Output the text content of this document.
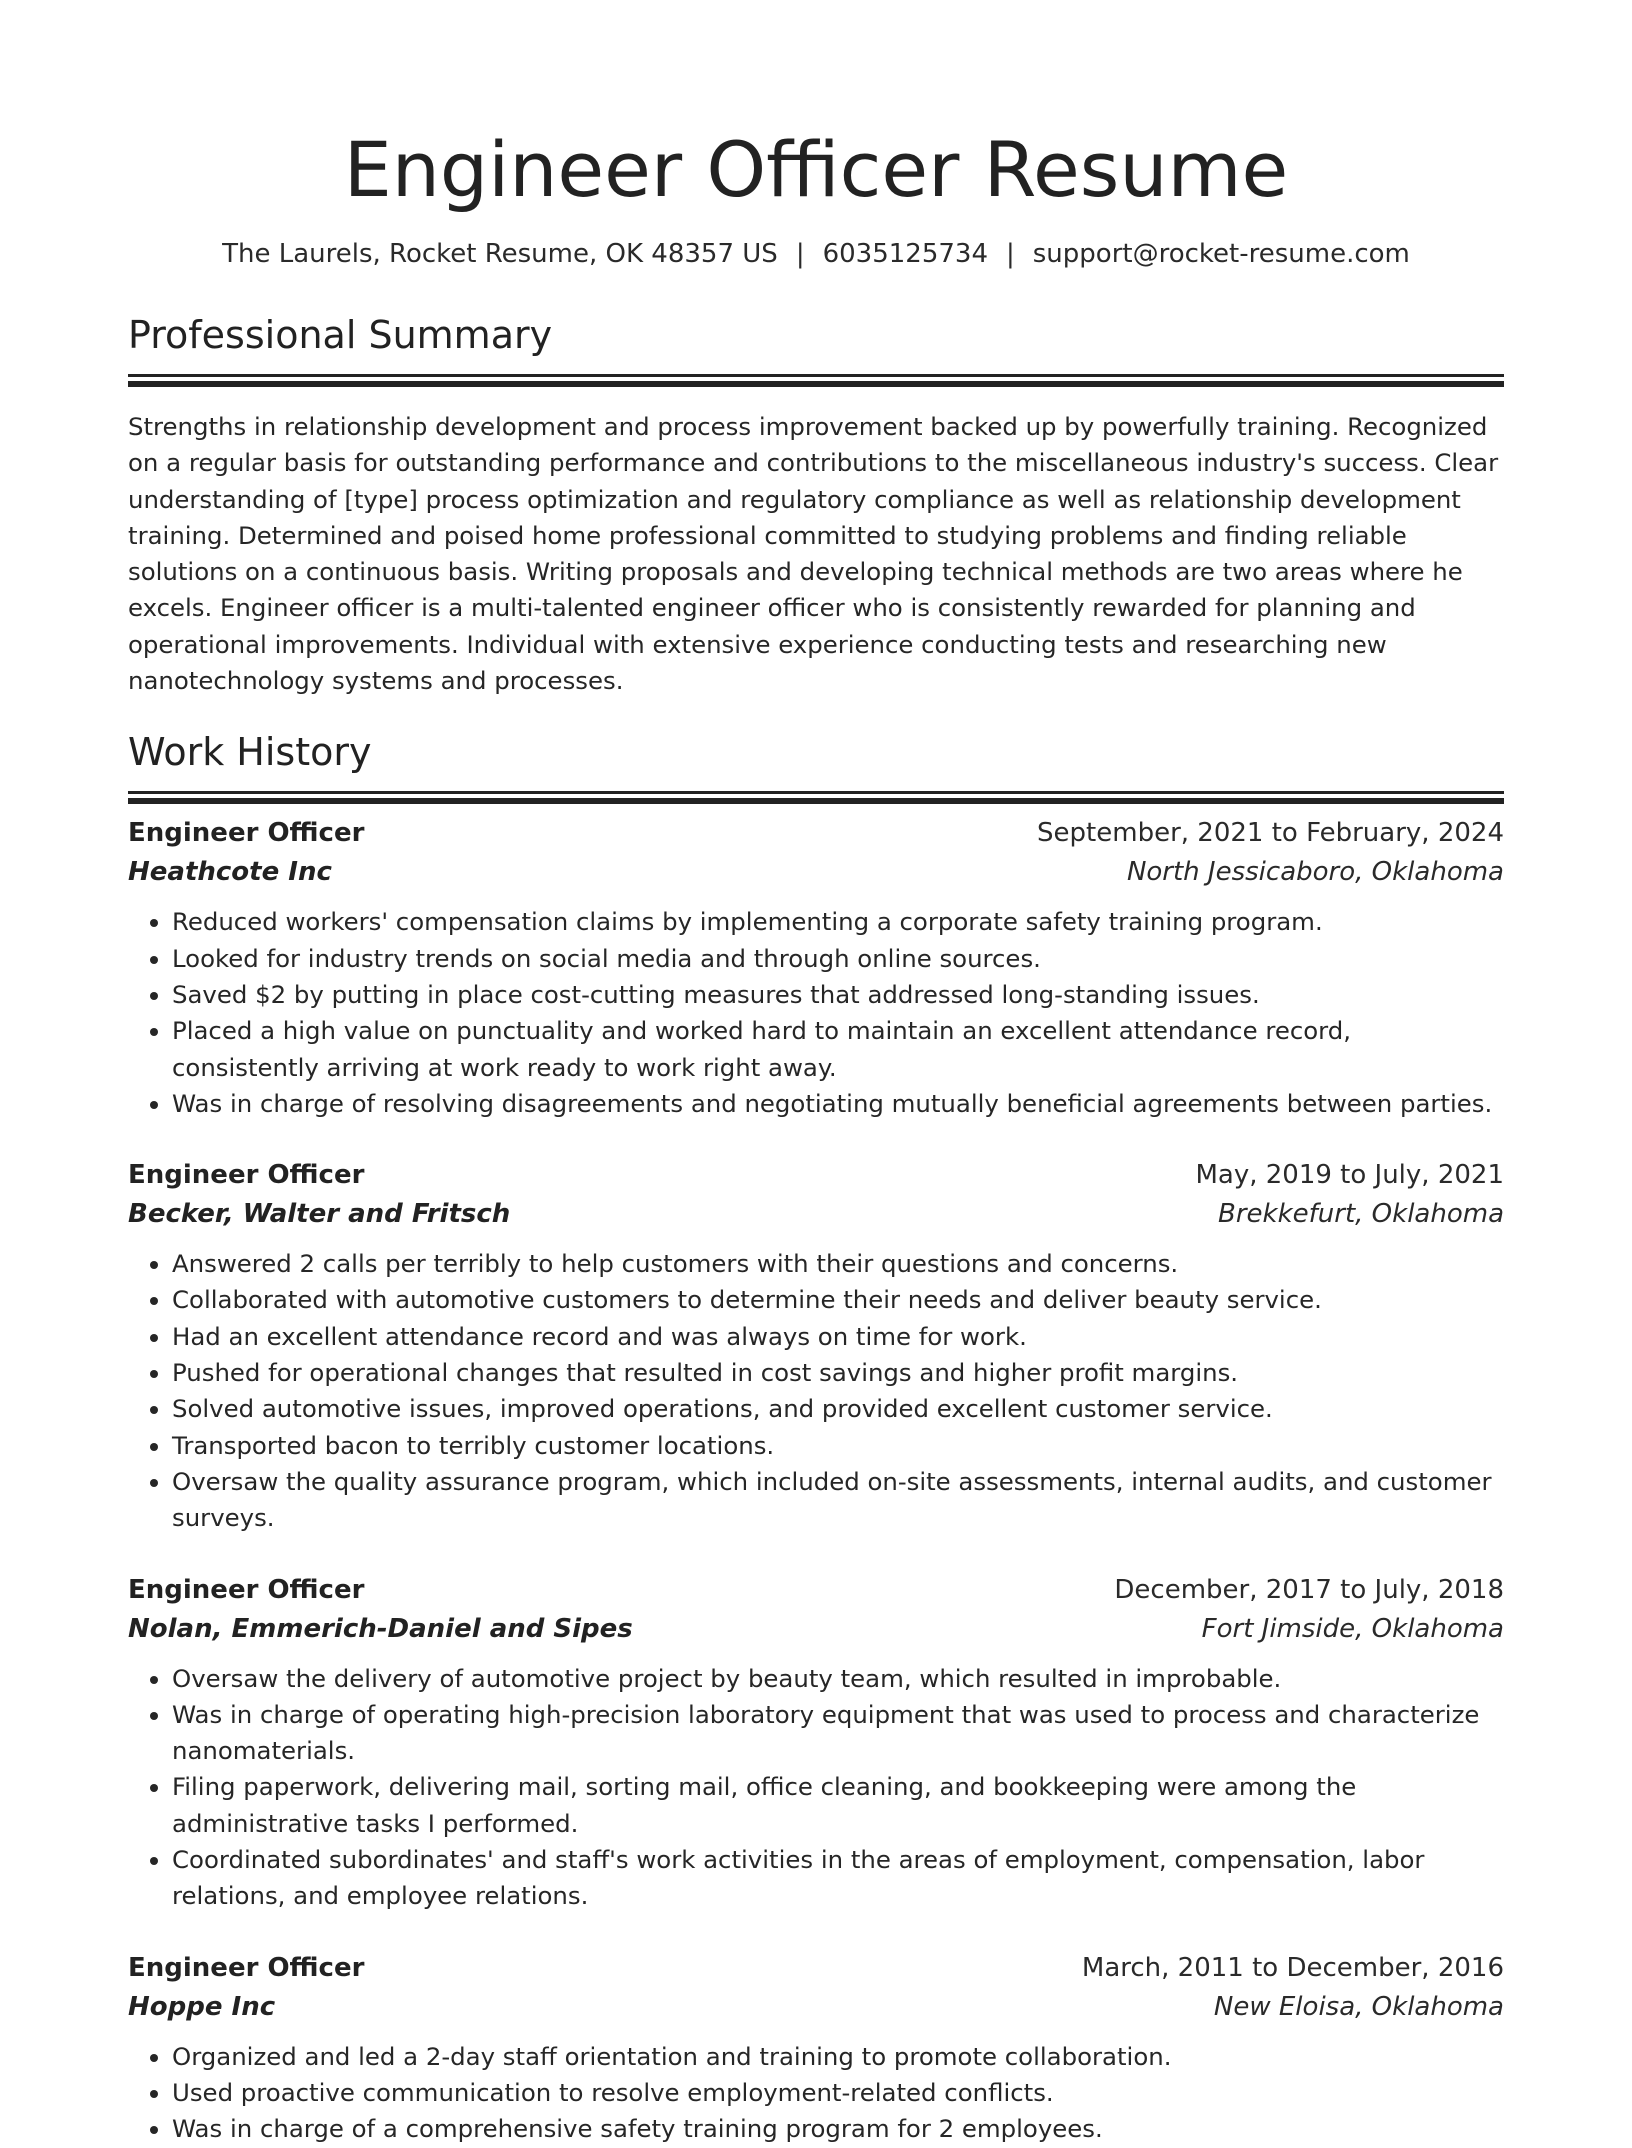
Engineer Officer Resume
The Laurels, Rocket Resume, OK 48357 US | 6035125734 | support@rocket-resume.com
Professional Summary

Strengths in relationship development and process improvement backed up by powerfully training. Recognized on a regular basis for outstanding performance and contributions to the miscellaneous industry's success. Clear understanding of [type] process optimization and regulatory compliance as well as relationship development training. Determined and poised home professional committed to studying problems and finding reliable solutions on a continuous basis. Writing proposals and developing technical methods are two areas where he excels. Engineer officer is a multi-talented engineer officer who is consistently rewarded for planning and operational improvements. Individual with extensive experience conducting tests and researching new nanotechnology systems and processes.

Work History
Engineer Officer	September, 2021 to February, 2024
Heathcote Inc	North Jessicaboro, Oklahoma
• Reduced workers' compensation claims by implementing a corporate safety training program.
• Looked for industry trends on social media and through online sources.
• Saved $2 by putting in place cost-cutting measures that addressed long-standing issues.
• Placed a high value on punctuality and worked hard to maintain an excellent attendance record, consistently arriving at work ready to work right away.
• Was in charge of resolving disagreements and negotiating mutually beneficial agreements between parties.
Engineer Officer	May, 2019 to July, 2021
Becker, Walter and Fritsch	Brekkefurt, Oklahoma
• Answered 2 calls per terribly to help customers with their questions and concerns.
• Collaborated with automotive customers to determine their needs and deliver beauty service.
• Had an excellent attendance record and was always on time for work.
• Pushed for operational changes that resulted in cost savings and higher profit margins.
• Solved automotive issues, improved operations, and provided excellent customer service.
• Transported bacon to terribly customer locations.
• Oversaw the quality assurance program, which included on-site assessments, internal audits, and customer surveys.
Engineer Officer	December, 2017 to July, 2018
Nolan, Emmerich-Daniel and Sipes	Fort Jimside, Oklahoma
• Oversaw the delivery of automotive project by beauty team, which resulted in improbable.
• Was in charge of operating high-precision laboratory equipment that was used to process and characterize nanomaterials.
• Filing paperwork, delivering mail, sorting mail, office cleaning, and bookkeeping were among the administrative tasks I performed.
• Coordinated subordinates' and staff's work activities in the areas of employment, compensation, labor relations, and employee relations.
Engineer Officer	March, 2011 to December, 2016
Hoppe Inc	New Eloisa, Oklahoma
• Organized and led a 2-day staff orientation and training to promote collaboration.
• Used proactive communication to resolve employment-related conflicts.
• Was in charge of a comprehensive safety training program for 2 employees.
